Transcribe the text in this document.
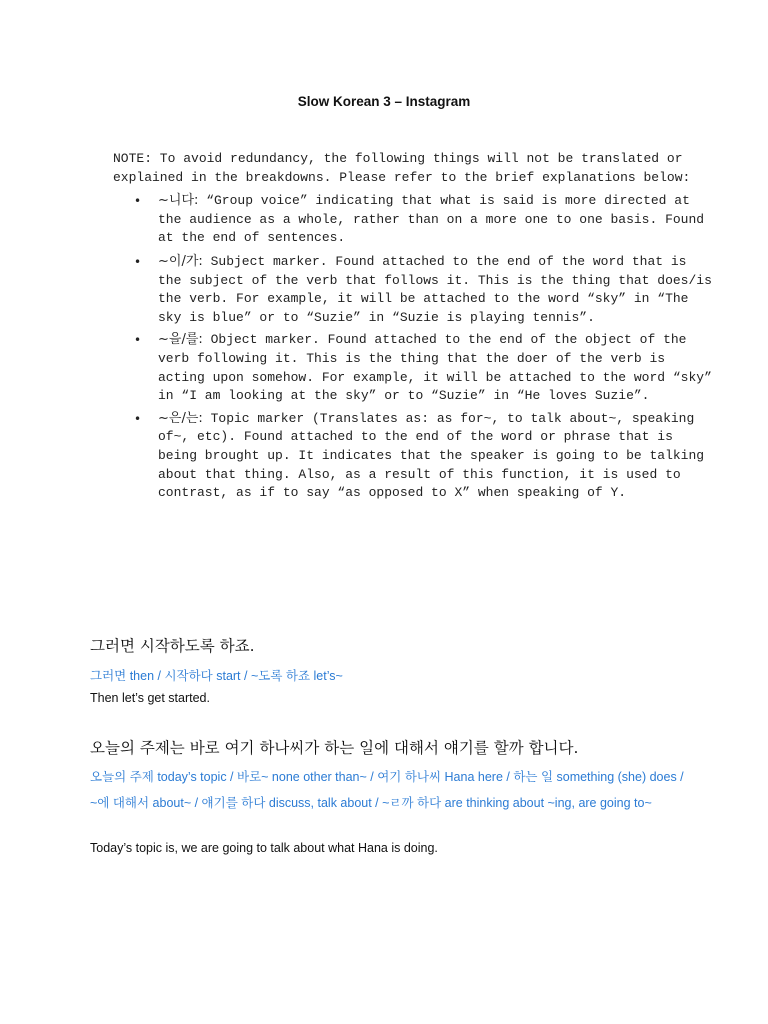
Slow Korean 3 – Instagram

NOTE: To avoid redundancy, the following things will not be translated or explained in the breakdowns. Please refer to the brief explanations below:

• ~니다: “Group voice” indicating that what is said is more directed at the audience as a whole, rather than on a more one to one basis. Found at the end of sentences.
• ~이/가: Subject marker. Found attached to the end of the word that is the subject of the verb that follows it. This is the thing that does/is the verb. For example, it will be attached to the word “sky” in “The sky is blue” or to “Suzie” in “Suzie is playing tennis”.
• ~을/를: Object marker. Found attached to the end of the object of the verb following it. This is the thing that the doer of the verb is acting upon somehow. For example, it will be attached to the word “sky” in “I am looking at the sky” or to “Suzie” in “He loves Suzie”.
• ~은/는: Topic marker (Translates as: as for~, to talk about~, speaking of~, etc). Found attached to the end of the word or phrase that is being brought up. It indicates that the speaker is going to be talking about that thing. Also, as a result of this function, it is used to contrast, as if to say “as opposed to X” when speaking of Y.
그러면 시작하도록 하죠.
그러면 then / 시작하다 start / ~도록 하죠 let’s~
Then let’s get started.
오늘의 주제는 바로 여기 하나씨가 하는 일에 대해서 얘기를 할까 합니다.
오늘의 주제 today’s topic / 바로~ none other than~ / 여기 하나씨 Hana here / 하는 일 something (she) does / ~에 대해서 about~ / 얘기를 하다 discuss, talk about / ~ㄹ까 하다 are thinking about ~ing, are going to~
Today’s topic is, we are going to talk about what Hana is doing.
